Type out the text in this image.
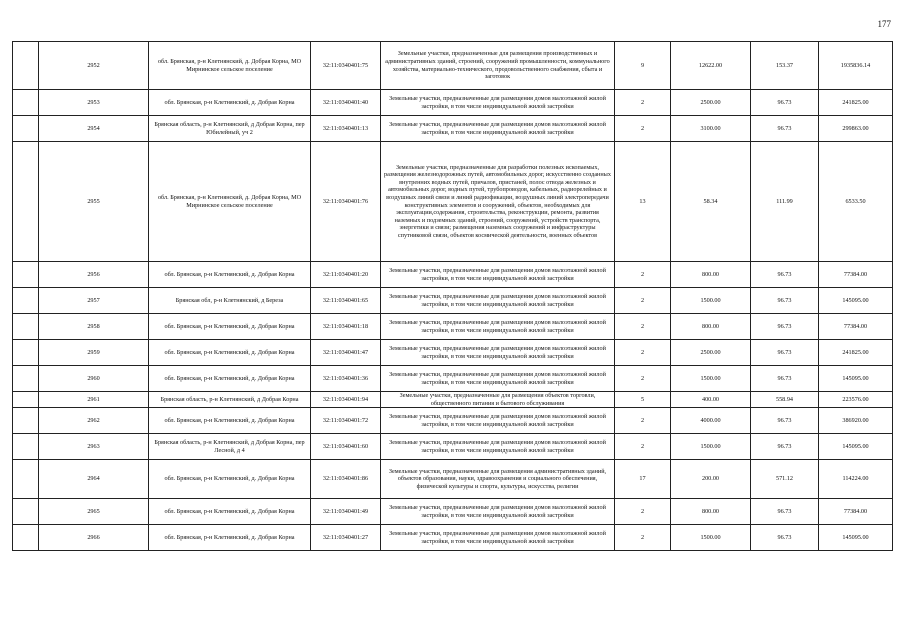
177
	2952	обл. Брянская, р-н Клетнянский, д. Добрая Корна, МО Мирнинское сельское поселение	32:11:0340401:75	Земельные участки, предназначенные для размещения производственных и административных зданий, строений, сооружений промышленности, коммунального хозяйства, материально-технического, продовольственного снабжения, сбыта и заготовок	9	12622.00	153.37	1935836.14
	2953	обл. Брянская, р-н Клетнянский, д. Добрая Корна	32:11:0340401:40	Земельные участки, предназначенные для размещения домов малоэтажной жилой застройки, в том числе индивидуальной жилой застройки	2	2500.00	96.73	241825.00
	2954	Брянская область, р-н Клетнянский, д Добрая Корна, пер Юбилейный, уч 2	32:11:0340401:13	Земельные участки, предназначенные для размещения домов малоэтажной жилой застройки, в том числе индивидуальной жилой застройки	2	3100.00	96.73	299863.00
	2955	обл. Брянская, р-н Клетнянский, д. Добрая Корна, МО Мирнинское сельское поселение	32:11:0340401:76	Земельные участки, предназначенные для разработки полезных ископаемых, размещения железнодорожных путей, автомобильных дорог, искусственно созданных внутренних водных путей, причалов, пристаней, полос отвода железных и автомобильных дорог, водных путей, трубопроводов, кабельных, радиорелейных и воздушных линий связи и линий радиофикации, воздушных линий электропередачи конструктивных элементов и сооружений, объектов, необходимых для эксплуатации,содержания, строительства, реконструкции, ремонта, развития наземных и подземных зданий, строений, сооружений, устройств транспорта, энергетики и связи; размещения наземных сооружений и инфраструктуры спутниковой связи, объектов космической деятельности, военных объектов	13	58.34	111.99	6533.50
	2956	обл. Брянская, р-н Клетнянский, д. Добрая Корна	32:11:0340401:20	Земельные участки, предназначенные для размещения домов малоэтажной жилой застройки, в том числе индивидуальной жилой застройки	2	800.00	96.73	77384.00
	2957	Брянская обл, р-н Клетнянский, д Береза	32:11:0340401:65	Земельные участки, предназначенные для размещения домов малоэтажной жилой застройки, в том числе индивидуальной жилой застройки	2	1500.00	96.73	145095.00
	2958	обл. Брянская, р-н Клетнянский, д. Добрая Корна	32:11:0340401:18	Земельные участки, предназначенные для размещения домов малоэтажной жилой застройки, в том числе индивидуальной жилой застройки	2	800.00	96.73	77384.00
	2959	обл. Брянская, р-н Клетнянский, д. Добрая Корна	32:11:0340401:47	Земельные участки, предназначенные для размещения домов малоэтажной жилой застройки, в том числе индивидуальной жилой застройки	2	2500.00	96.73	241825.00
	2960	обл. Брянская, р-н Клетнянский, д. Добрая Корна	32:11:0340401:36	Земельные участки, предназначенные для размещения домов малоэтажной жилой застройки, в том числе индивидуальной жилой застройки	2	1500.00	96.73	145095.00
	2961	Брянская область, р-н Клетнянский, д Добрая Корна	32:11:0340401:94	Земельные участки, предназначенные для размещения объектов торговли, общественного питания и бытового обслуживания	5	400.00	558.94	223576.00
	2962	обл. Брянская, р-н Клетнянский, д. Добрая Корна	32:11:0340401:72	Земельные участки, предназначенные для размещения домов малоэтажной жилой застройки, в том числе индивидуальной жилой застройки	2	4000.00	96.73	386920.00
	2963	Брянская область, р-н Клетнянский, д Добрая Корна, пер Лесной, д 4	32:11:0340401:60	Земельные участки, предназначенные для размещения домов малоэтажной жилой застройки, в том числе индивидуальной жилой застройки	2	1500.00	96.73	145095.00
	2964	обл. Брянская, р-н Клетнянский, д. Добрая Корна	32:11:0340401:86	Земельные участки, предназначенные для размещения административных зданий, объектов образования, науки, здравоохранения и социального обеспечения, физической культуры и спорта, культуры, искусства, религии	17	200.00	571.12	114224.00
	2965	обл. Брянская, р-н Клетнянский, д. Добрая Корна	32:11:0340401:49	Земельные участки, предназначенные для размещения домов малоэтажной жилой застройки, в том числе индивидуальной жилой застройки	2	800.00	96.73	77384.00
	2966	обл. Брянская, р-н Клетнянский, д. Добрая Корна	32:11:0340401:27	Земельные участки, предназначенные для размещения домов малоэтажной жилой застройки, в том числе индивидуальной жилой застройки	2	1500.00	96.73	145095.00
